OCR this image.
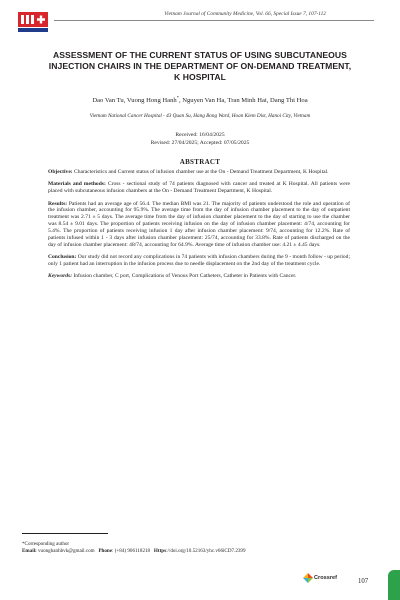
Vietnam Journal of Community Medicine, Vol. 66, Special Issue 7, 107-112
ASSESSMENT OF THE CURRENT STATUS OF USING SUBCUTANEOUS
INJECTION CHAIRS IN THE DEPARTMENT OF ON-DEMAND TREATMENT,
K HOSPITAL
Dao Van Tu, Vuong Hong Hanh*, Nguyen Van Ha, Tran Minh Hai, Dang Thi Hoa
Vietnam National Cancer Hospital - 43 Quan Su, Hang Bong Ward, Hoan Kiem Dist, Hanoi City, Vietnam
Received: 16/04/2025
Revised: 27/04/2025; Accepted: 07/05/2025
ABSTRACT

Objective: Characteristics and Current status of infusion chamber use at the On - Demand Treatment Department, K Hospital.

Materials and methods: Cross - sectional study of 74 patients diagnosed with cancer and treated at K Hospital. All patients were placed with subcutaneous infusion chambers at the On - Demand Treatment Department, K Hospital.

Results: Patients had an average age of 56.4. The median BMI was 21. The majority of patients understood the role and operation of the infusion chamber, accounting for 95.9%. The average time from the day of infusion chamber placement to the day of outpatient treatment was 2.71 ± 5 days. The average time from the day of infusion chamber placement to the day of starting to use the chamber was 8.54 ± 9.01 days. The proportion of patients receiving infusion on the day of infusion chamber placement: 4/74, accounting for 5.4%. The proportion of patients receiving infusion 1 day after infusion chamber placement: 9/74, accounting for 12.2%. Rate of patients infused within 1 - 3 days after infusion chamber placement: 25/74, accounting for 33.8%. Rate of patients discharged on the day of infusion chamber placement: 48/74, accounting for 64.9%. Average time of infusion chamber use: 4.21 ± 4.45 days.

Conclusion: Our study did not record any complications in 74 patients with infusion chambers during the 9 - month follow - up period; only 1 patient had an interruption in the infusion process due to needle displacement on the 2nd day of the treatment cycle.

Keywords: Infusion chamber, C port, Complications of Venous Port Catheters, Catheter in Patients with Cancer.

*Corresponding author
Email: vuonghanhbvk@gmail.com Phone: (+84) 906118218 Https://doi.org/10.52163/yhc.v66iCD7.2399
Crossref	107
